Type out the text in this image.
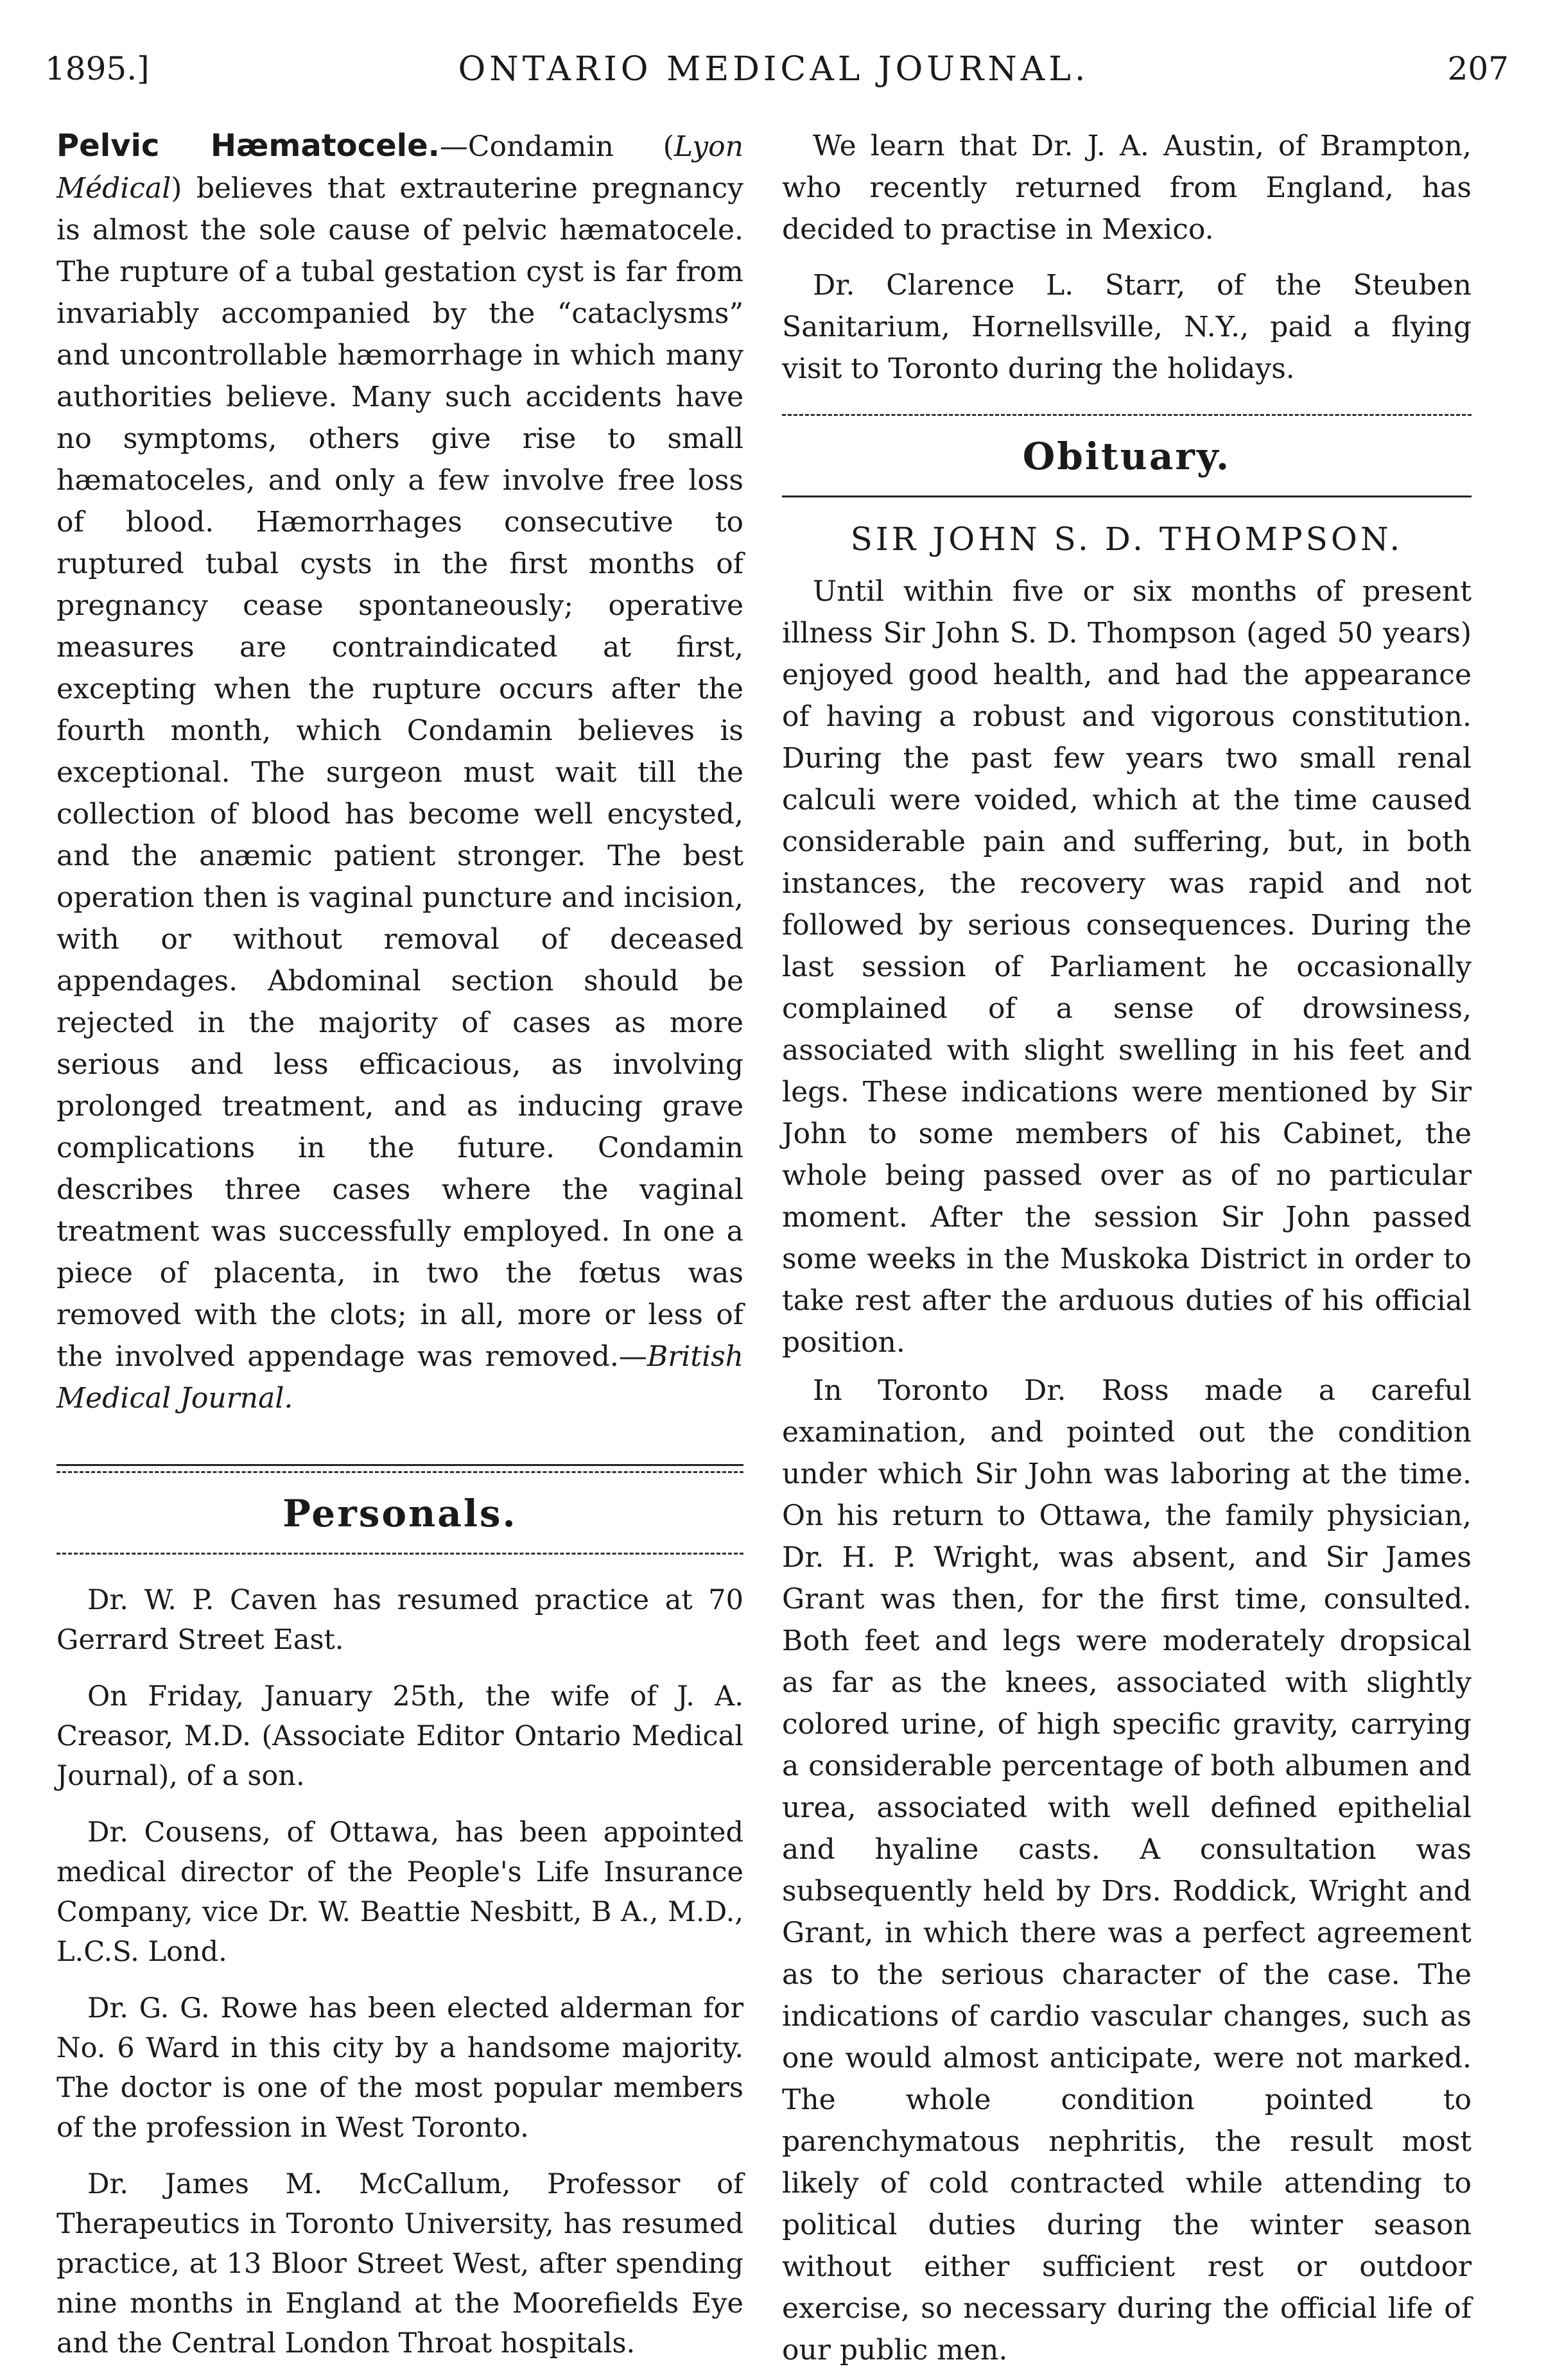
1895.]	ONTARIO MEDICAL JOURNAL.	207

Pelvic Hæmatocele.—Condamin (Lyon Médical) believes that extrauterine pregnancy is almost the sole cause of pelvic hæmatocele. The rupture of a tubal gestation cyst is far from invariably accompanied by the “cataclysms” and uncontrollable hæmorrhage in which many authorities believe. Many such accidents have no symptoms, others give rise to small hæmatoceles, and only a few involve free loss of blood. Hæmorrhages consecutive to ruptured tubal cysts in the first months of pregnancy cease spontaneously; operative measures are contraindicated at first, excepting when the rupture occurs after the fourth month, which Condamin believes is exceptional. The surgeon must wait till the collection of blood has become well encysted, and the anæmic patient stronger. The best operation then is vaginal puncture and incision, with or without removal of deceased appendages. Abdominal section should be rejected in the majority of cases as more serious and less efficacious, as involving prolonged treatment, and as inducing grave complications in the future. Condamin describes three cases where the vaginal treatment was successfully employed. In one a piece of placenta, in two the fœtus was removed with the clots; in all, more or less of the involved appendage was removed.—British Medical Journal.

Personals.

Dr. W. P. Caven has resumed practice at 70 Gerrard Street East.

On Friday, January 25th, the wife of J. A. Creasor, M.D. (Associate Editor Ontario Medical Journal), of a son.

Dr. Cousens, of Ottawa, has been appointed medical director of the People's Life Insurance Company, vice Dr. W. Beattie Nesbitt, B A., M.D., L.C.S. Lond.

Dr. G. G. Rowe has been elected alderman for No. 6 Ward in this city by a handsome majority. The doctor is one of the most popular members of the profession in West Toronto.

Dr. James M. McCallum, Professor of Therapeutics in Toronto University, has resumed practice, at 13 Bloor Street West, after spending nine months in England at the Moorefields Eye and the Central London Throat hospitals.

We learn that Dr. J. A. Austin, of Brampton, who recently returned from England, has decided to practise in Mexico.

Dr. Clarence L. Starr, of the Steuben Sanitarium, Hornellsville, N.Y., paid a flying visit to Toronto during the holidays.

Obituary.
SIR JOHN S. D. THOMPSON.

Until within five or six months of present illness Sir John S. D. Thompson (aged 50 years) enjoyed good health, and had the appearance of having a robust and vigorous constitution. During the past few years two small renal calculi were voided, which at the time caused considerable pain and suffering, but, in both instances, the recovery was rapid and not followed by serious consequences. During the last session of Parliament he occasionally complained of a sense of drowsiness, associated with slight swelling in his feet and legs. These indications were mentioned by Sir John to some members of his Cabinet, the whole being passed over as of no particular moment. After the session Sir John passed some weeks in the Muskoka District in order to take rest after the arduous duties of his official position.

In Toronto Dr. Ross made a careful examination, and pointed out the condition under which Sir John was laboring at the time. On his return to Ottawa, the family physician, Dr. H. P. Wright, was absent, and Sir James Grant was then, for the first time, consulted. Both feet and legs were moderately dropsical as far as the knees, associated with slightly colored urine, of high specific gravity, carrying a considerable percentage of both albumen and urea, associated with well defined epithelial and hyaline casts. A consultation was subsequently held by Drs. Roddick, Wright and Grant, in which there was a perfect agreement as to the serious character of the case. The indications of cardio vascular changes, such as one would almost anticipate, were not marked. The whole condition pointed to parenchymatous nephritis, the result most likely of cold contracted while attending to political duties during the winter season without either sufficient rest or outdoor exercise, so necessary during the official life of our public men.
